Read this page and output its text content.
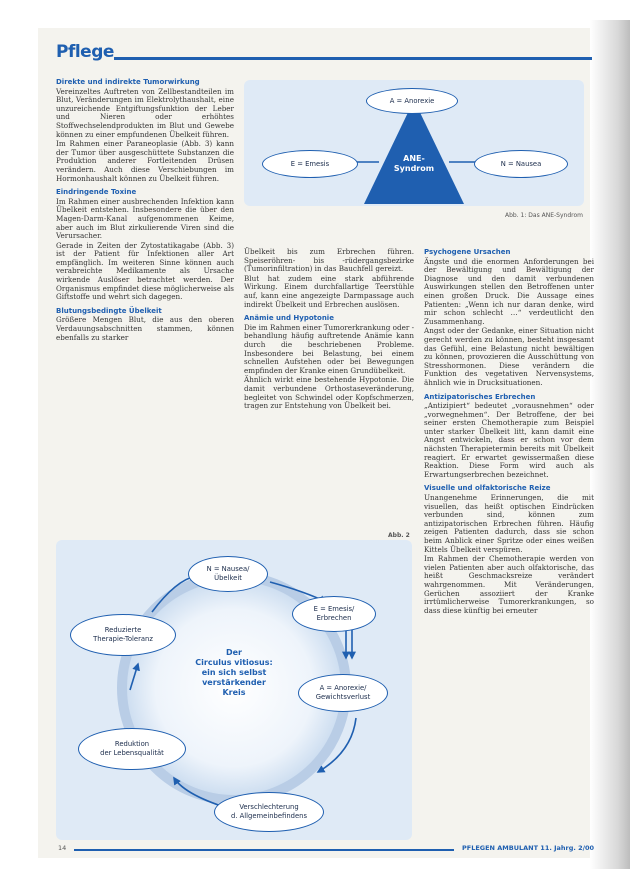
Pflege
A = Anorexie
E = Emesis	N = Nausea
ANE-
Syndrom
Abb. 1: Das ANE-Syndrom
Direkte und indirekte Tumorwirkung

Vereinzeltes Auftreten von Zellbestandteilen im Blut, Veränderungen im Elektrolythaushalt, eine unzureichende Entgiftungsfunktion der Leber und Nieren oder erhöhtes Stoffwechselendprodukten im Blut und Gewebe können zu einer empfundenen Übelkeit führen.

Im Rahmen einer Paraneoplasie (Abb. 3) kann der Tumor über ausgeschüttete Substanzen die Produktion anderer Fortleitenden Drüsen verändern. Auch diese Verschiebungen im Hormonhaushalt können zu Übelkeit führen.

Eindringende Toxine

Im Rahmen einer ausbrechenden Infektion kann Übelkeit entstehen. Insbesondere die über den Magen-Darm-Kanal aufgenommenen Keime, aber auch im Blut zirkulierende Viren sind die Verursacher.

Gerade in Zeiten der Zytostatikagabe (Abb. 3) ist der Patient für Infektionen aller Art empfänglich. Im weiteren Sinne können auch verabreichte Medikamente als Ursache wirkende Auslöser betrachtet werden. Der Organismus empfindet diese möglicherweise als Giftstoffe und wehrt sich dagegen.

Blutungsbedingte Übelkeit

Größere Mengen Blut, die aus den oberen Verdauungsabschnitten stammen, können ebenfalls zu starker

Übelkeit bis zum Erbrechen führen. Speiseröhren- bis -rüdergangsbezirke (Tumorinfiltration) in das Bauchfell gereizt.

Blut hat zudem eine stark abführende Wirkung. Einem durchfallartige Teerstühle auf, kann eine angezeigte Darmpassage auch indirekt Übelkeit und Erbrechen auslösen.

Anämie und Hypotonie

Die im Rahmen einer Tumorerkrankung oder -behandlung häufig auftretende Anämie kann durch die beschriebenen Probleme. Insbesondere bei Belastung, bei einem schnellen Aufstehen oder bei Bewegungen empfinden der Kranke einen Grundübelkeit.

Ähnlich wirkt eine bestehende Hypotonie. Die damit verbundene Orthostaseveränderung, begleitet von Schwindel oder Kopfschmerzen, tragen zur Entstehung von Übelkeit bei.

Psychogene Ursachen

Ängste und die enormen Anforderungen bei der Bewältigung und Bewältigung der Diagnose und den damit verbundenen Auswirkungen stellen den Betroffenen unter einen großen Druck. Die Aussage eines Patienten: „Wenn ich nur daran denke, wird mir schon schlecht …“ verdeutlicht den Zusammenhang.

Angst oder der Gedanke, einer Situation nicht gerecht werden zu können, besteht insgesamt das Gefühl, eine Belastung nicht bewältigen zu können, provozieren die Ausschüttung von Stresshormonen. Diese verändern die Funktion des vegetativen Nervensystems, ähnlich wie in Drucksituationen.

Antizipatorisches Erbrechen

„Antizipiert“ bedeutet „vorausnehmen“ oder „vorwegnehmen“. Der Betroffene, der bei seiner ersten Chemotherapie zum Beispiel unter starker Übelkeit litt, kann damit eine Angst entwickeln, dass er schon vor dem nächsten Therapietermin bereits mit Übelkeit reagiert. Er erwartet gewissermaßen diese Reaktion. Diese Form wird auch als Erwartungserbrechen bezeichnet.

Visuelle und olfaktorische Reize

Unangenehme Erinnerungen, die mit visuellen, das heißt optischen Eindrücken verbunden sind, können zum antizipatorischen Erbrechen führen. Häufig zeigen Patienten dadurch, dass sie schon beim Anblick einer Spritze oder eines weißen Kittels Übelkeit verspüren.

Im Rahmen der Chemotherapie werden von vielen Patienten aber auch olfaktorische, das heißt Geschmacksreize verändert wahrgenommen. Mit Veränderungen, Gerüchen assoziiert der Kranke irrtümlicherweise Tumorerkrankungen, so dass diese künftig bei erneuter

Abb. 2
N = Nausea/
Übelkeit
E = Emesis/
Erbrechen
A = Anorexie/
Gewichtsverlust
Verschlechterung
d. Allgemeinbefindens
Reduktion
der Lebensqualität
Reduzierte
Therapie-Toleranz
Der
Circulus vitiosus:
ein sich selbst
verstärkender
Kreis
14	PFLEGEN AMBULANT 11. Jahrg. 2/00
